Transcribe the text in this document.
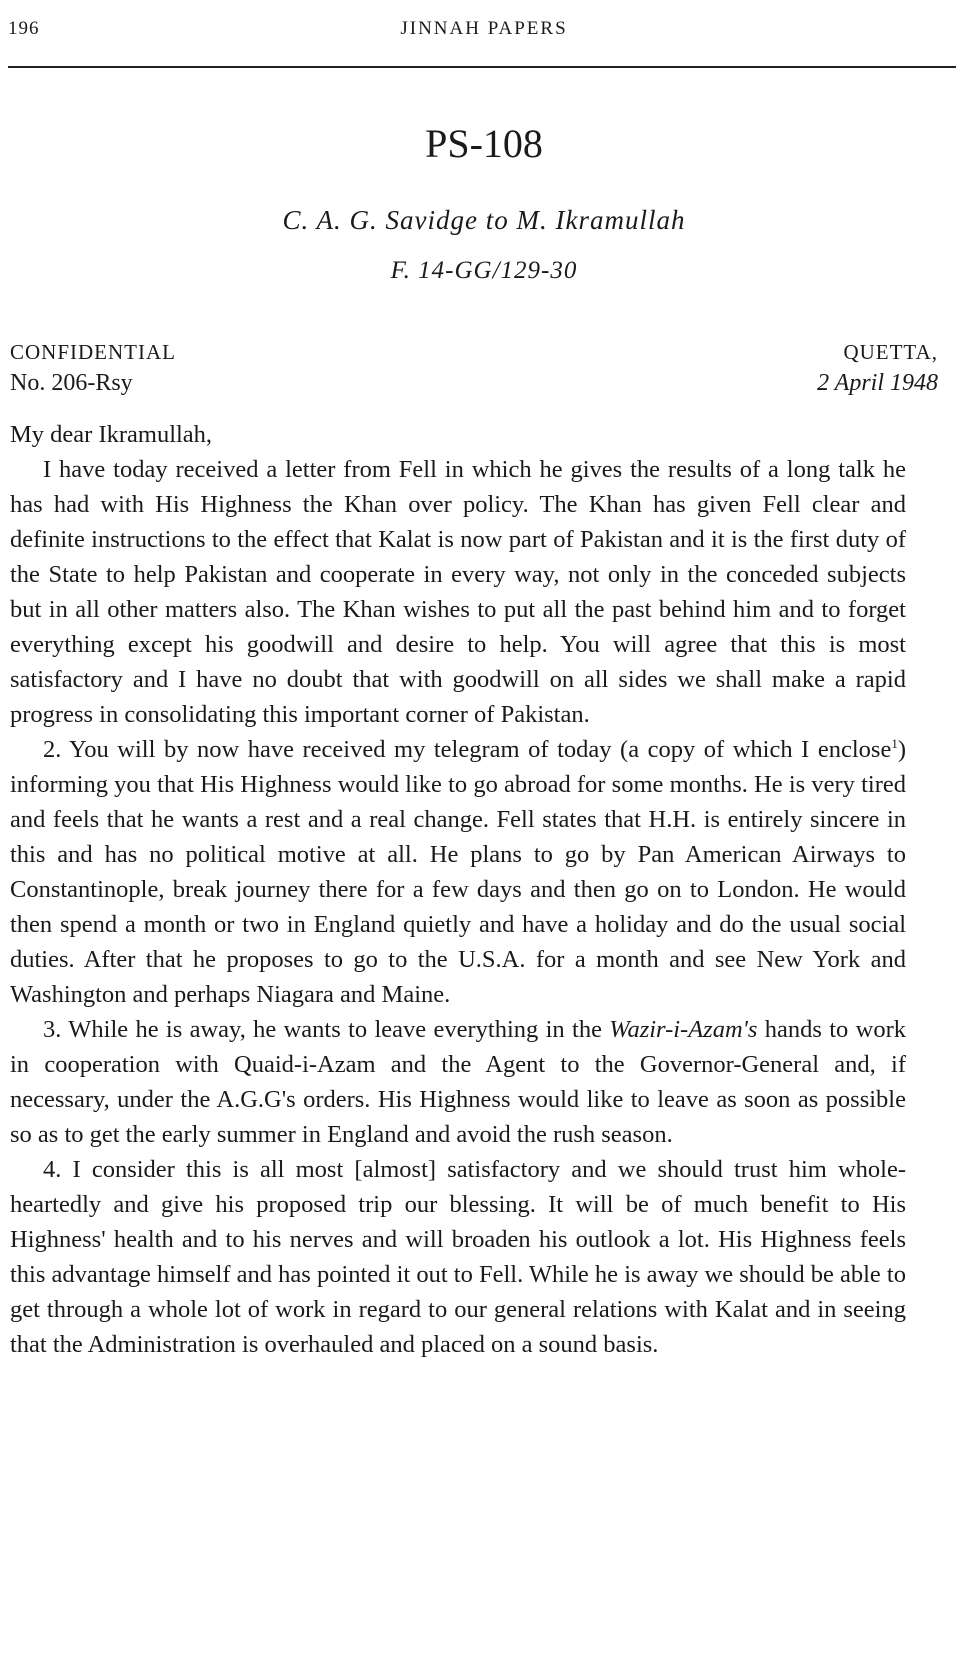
196	JINNAH PAPERS
PS-108
C. A. G. Savidge to M. Ikramullah
F. 14-GG/129-30
CONFIDENTIAL
No. 206-Rsy
QUETTA,
2 April 1948

My dear Ikramullah,

I have today received a letter from Fell in which he gives the results of a long talk he has had with His Highness the Khan over policy. The Khan has given Fell clear and definite instructions to the effect that Kalat is now part of Pakistan and it is the first duty of the State to help Pakistan and cooperate in every way, not only in the conceded subjects but in all other matters also. The Khan wishes to put all the past behind him and to forget everything except his goodwill and desire to help. You will agree that this is most satisfactory and I have no doubt that with goodwill on all sides we shall make a rapid progress in consolidating this important corner of Pakistan.

2. You will by now have received my telegram of today (a copy of which I enclose$^1$) informing you that His Highness would like to go abroad for some months. He is very tired and feels that he wants a rest and a real change. Fell states that H.H. is entirely sincere in this and has no political motive at all. He plans to go by Pan American Airways to Constantinople, break journey there for a few days and then go on to London. He would then spend a month or two in England quietly and have a holiday and do the usual social duties. After that he proposes to go to the U.S.A. for a month and see New York and Washington and perhaps Niagara and Maine.

3. While he is away, he wants to leave everything in the Wazir-i-Azam's hands to work in cooperation with Quaid-i-Azam and the Agent to the Governor-General and, if necessary, under the A.G.G's orders. His Highness would like to leave as soon as possible so as to get the early summer in England and avoid the rush season.

4. I consider this is all most [almost] satisfactory and we should trust him whole-heartedly and give his proposed trip our blessing. It will be of much benefit to His Highness' health and to his nerves and will broaden his outlook a lot. His Highness feels this advantage himself and has pointed it out to Fell. While he is away we should be able to get through a whole lot of work in regard to our general relations with Kalat and in seeing that the Administration is overhauled and placed on a sound basis.
